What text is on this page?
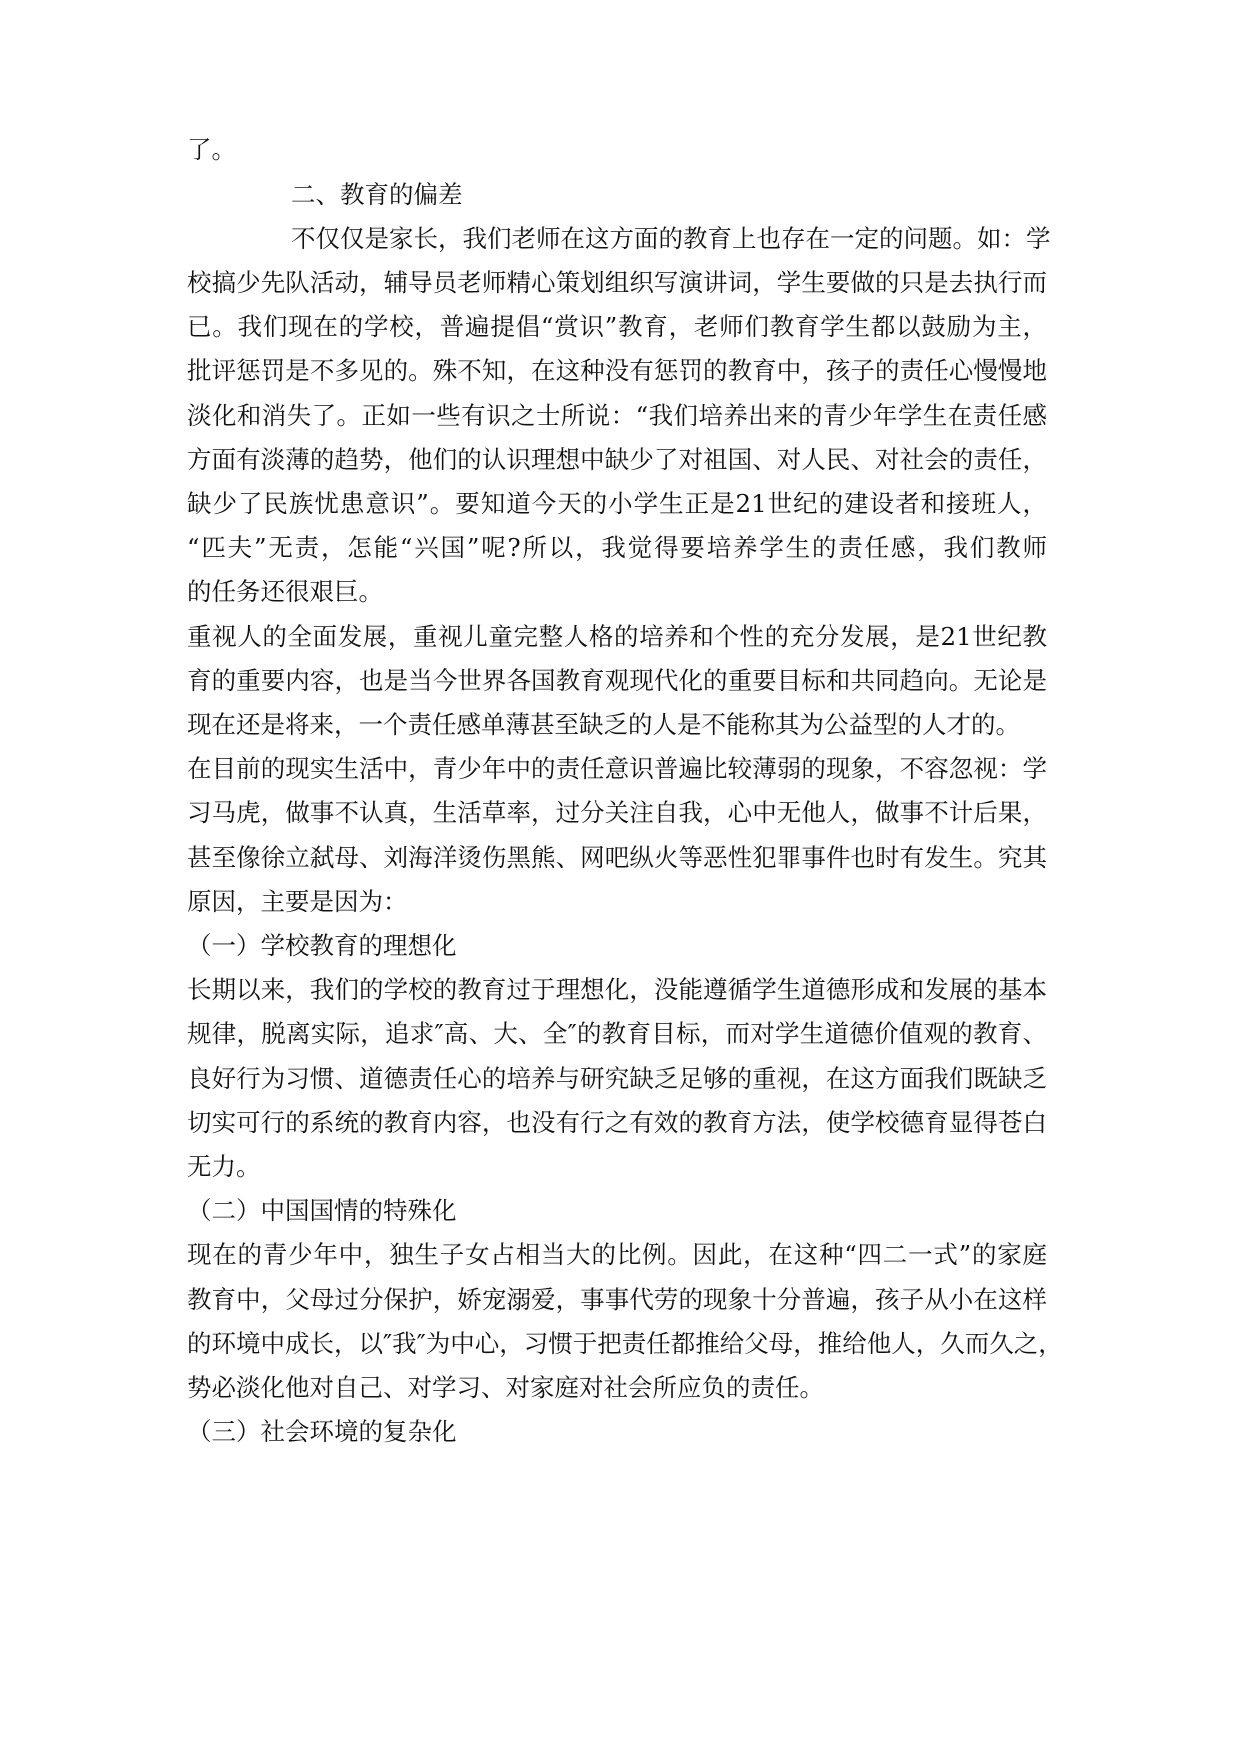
了。
二、教育的偏差
不仅仅是家长，我们老师在这方面的教育上也存在一定的问题。如：学
校搞少先队活动，辅导员老师精心策划组织写演讲词，学生要做的只是去执行而
已。我们现在的学校，普遍提倡“赏识”教育，老师们教育学生都以鼓励为主，
批评惩罚是不多见的。殊不知，在这种没有惩罚的教育中，孩子的责任心慢慢地
淡化和消失了。正如一些有识之士所说：“我们培养出来的青少年学生在责任感
方面有淡薄的趋势，他们的认识理想中缺少了对祖国、对人民、对社会的责任，
缺少了民族忧患意识”。要知道今天的小学生正是21世纪的建设者和接班人，
“匹夫”无责，怎能“兴国”呢?所以，我觉得要培养学生的责任感，我们教师
的任务还很艰巨。
重视人的全面发展，重视儿童完整人格的培养和个性的充分发展，是21世纪教
育的重要内容，也是当今世界各国教育观现代化的重要目标和共同趋向。无论是
现在还是将来，一个责任感单薄甚至缺乏的人是不能称其为公益型的人才的。
在目前的现实生活中，青少年中的责任意识普遍比较薄弱的现象，不容忽视：学
习马虎，做事不认真，生活草率，过分关注自我，心中无他人，做事不计后果，
甚至像徐立弑母、刘海洋烫伤黑熊、网吧纵火等恶性犯罪事件也时有发生。究其
原因，主要是因为：
（一）学校教育的理想化
长期以来，我们的学校的教育过于理想化，没能遵循学生道德形成和发展的基本
规律，脱离实际，追求″高、大、全″的教育目标，而对学生道德价值观的教育、
良好行为习惯、道德责任心的培养与研究缺乏足够的重视，在这方面我们既缺乏
切实可行的系统的教育内容，也没有行之有效的教育方法，使学校德育显得苍白
无力。
（二）中国国情的特殊化
现在的青少年中，独生子女占相当大的比例。因此，在这种“四二一式”的家庭
教育中，父母过分保护，娇宠溺爱，事事代劳的现象十分普遍，孩子从小在这样
的环境中成长，以″我″为中心，习惯于把责任都推给父母，推给他人，久而久之，
势必淡化他对自己、对学习、对家庭对社会所应负的责任。
（三）社会环境的复杂化
